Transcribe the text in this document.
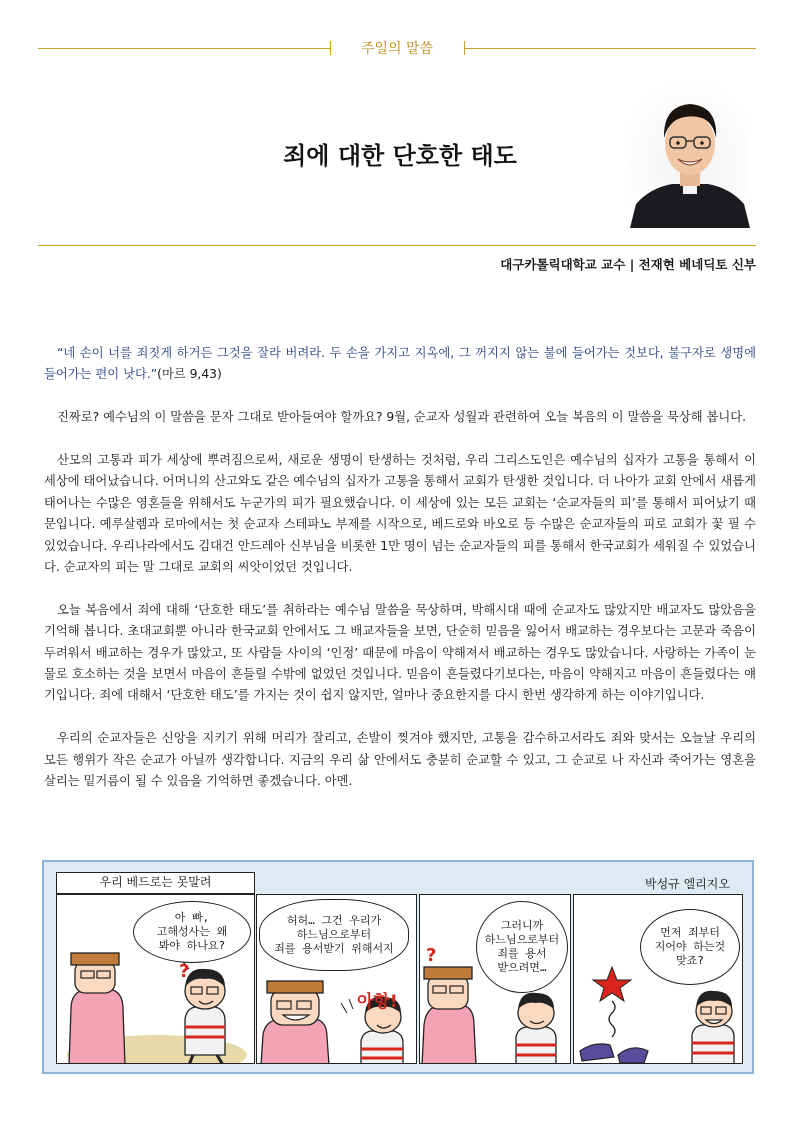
주일의 말씀
죄에 대한 단호한 태도
대구카톨릭대학교 교수 | 전재현 베네딕토 신부

“네 손이 너를 죄짓게 하거든 그것을 잘라 버려라. 두 손을 가지고 지옥에, 그 꺼지지 않는 불에 들어가는 것보다, 불구자로 생명에 들어가는 편이 낫다.”(마르 9,43)

진짜로? 예수님의 이 말씀을 문자 그대로 받아들여야 할까요? 9월, 순교자 성월과 관련하여 오늘 복음의 이 말씀을 묵상해 봅니다.

산모의 고통과 피가 세상에 뿌려짐으로써, 새로운 생명이 탄생하는 것처럼, 우리 그리스도인은 예수님의 십자가 고통을 통해서 이 세상에 태어났습니다. 어머니의 산고와도 같은 예수님의 십자가 고통을 통해서 교회가 탄생한 것입니다. 더 나아가 교회 안에서 새롭게 태어나는 수많은 영혼들을 위해서도 누군가의 피가 필요했습니다. 이 세상에 있는 모든 교회는 ‘순교자들의 피’를 통해서 피어났기 때문입니다. 예루살렘과 로마에서는 첫 순교자 스테파노 부제를 시작으로, 베드로와 바오로 등 수많은 순교자들의 피로 교회가 꽃 필 수 있었습니다. 우리나라에서도 김대건 안드레아 신부님을 비롯한 1만 명이 넘는 순교자들의 피를 통해서 한국교회가 세워질 수 있었습니다. 순교자의 피는 말 그대로 교회의 씨앗이었던 것입니다.

오늘 복음에서 죄에 대해 ‘단호한 태도’를 취하라는 예수님 말씀을 묵상하며, 박해시대 때에 순교자도 많았지만 배교자도 많았음을 기억해 봅니다. 초대교회뿐 아니라 한국교회 안에서도 그 배교자들을 보면, 단순히 믿음을 잃어서 배교하는 경우보다는 고문과 죽음이 두려워서 배교하는 경우가 많았고, 또 사람들 사이의 ‘인정’ 때문에 마음이 약해져서 배교하는 경우도 많았습니다. 사랑하는 가족이 눈물로 호소하는 것을 보면서 마음이 흔들릴 수밖에 없었던 것입니다. 믿음이 흔들렸다기보다는, 마음이 약해지고 마음이 흔들렸다는 얘기입니다. 죄에 대해서 ‘단호한 태도’를 가지는 것이 쉽지 않지만, 얼마나 중요한지를 다시 한번 생각하게 하는 이야기입니다.

우리의 순교자들은 신앙을 지키기 위해 머리가 잘리고, 손발이 찢겨야 했지만, 고통을 감수하고서라도 죄와 맞서는 오늘날 우리의 모든 행위가 작은 순교가 아닐까 생각합니다. 지금의 우리 삶 안에서도 충분히 순교할 수 있고, 그 순교로 나 자신과 죽어가는 영혼을 살리는 밑거름이 될 수 있음을 기억하면 좋겠습니다. 아멘.

우리 베드로는 못말려	박성규 엘리지오
아 빠,
고해성사는 왜
봐야 하나요?
?
허허… 그건 우리가
하느님으로부터
죄를 용서받기 위해서지
아항!
그러니까
하느님으로부터
죄를 용서
받으려면…
?
먼저 죄부터
지어야 하는것
맞죠?
